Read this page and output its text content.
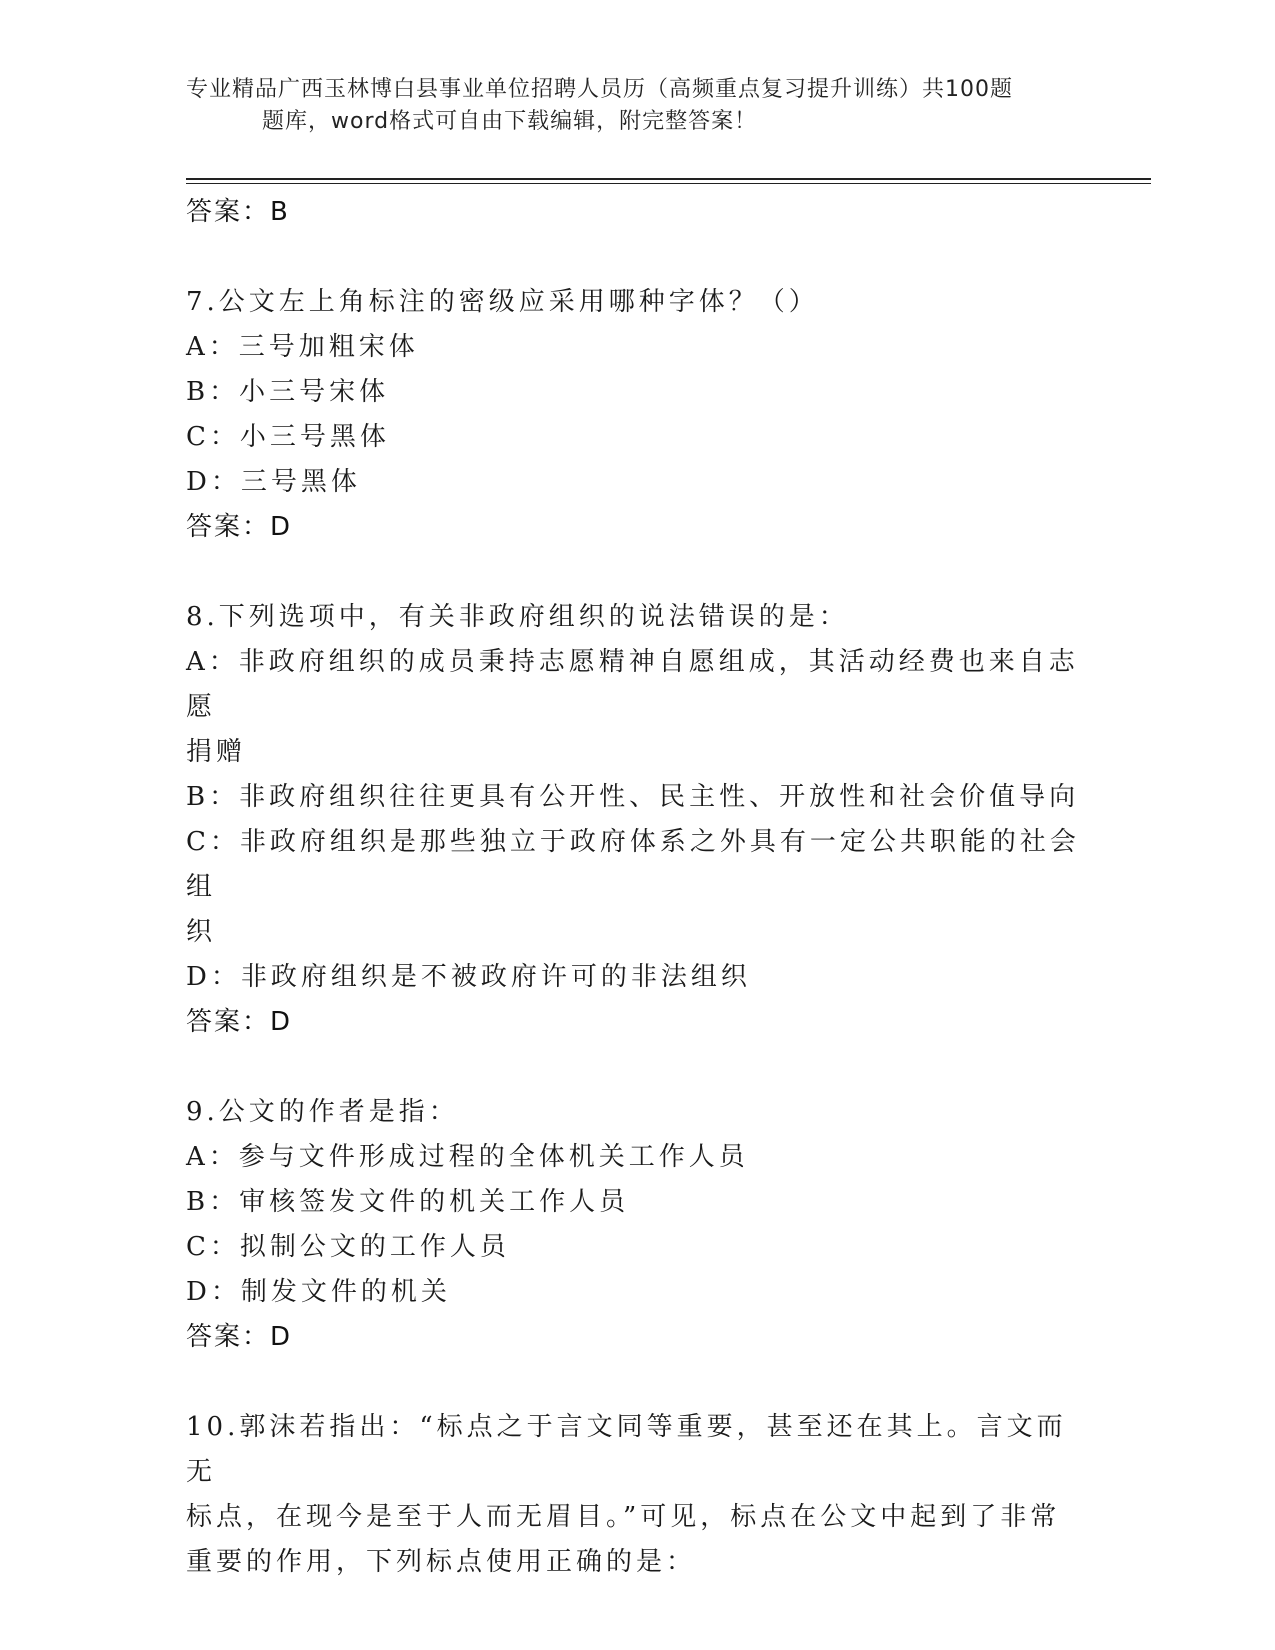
专业精品广西玉林博白县事业单位招聘人员历（高频重点复习提升训练）共100题
题库，word格式可自由下载编辑，附完整答案！

答案：B

7.公文左上角标注的密级应采用哪种字体？（）

A：三号加粗宋体

B：小三号宋体

C：小三号黑体

D：三号黑体

答案：D

8.下列选项中，有关非政府组织的说法错误的是：

A：非政府组织的成员秉持志愿精神自愿组成，其活动经费也来自志愿

捐赠

B：非政府组织往往更具有公开性、民主性、开放性和社会价值导向

C：非政府组织是那些独立于政府体系之外具有一定公共职能的社会组

织

D：非政府组织是不被政府许可的非法组织

答案：D

9.公文的作者是指：

A：参与文件形成过程的全体机关工作人员

B：审核签发文件的机关工作人员

C：拟制公文的工作人员

D：制发文件的机关

答案：D

10.郭沫若指出：“标点之于言文同等重要，甚至还在其上。言文而无

标点，在现今是至于人而无眉目。”可见，标点在公文中起到了非常

重要的作用，下列标点使用正确的是：
